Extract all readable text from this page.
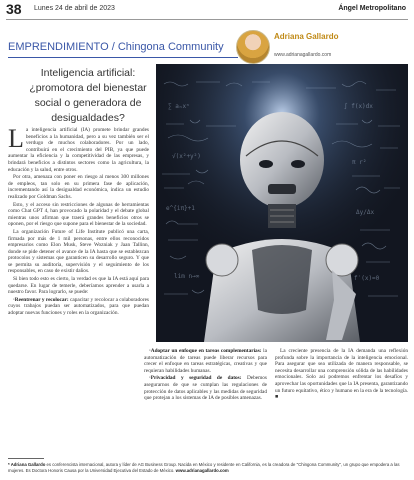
38 Lunes 24 de abril de 2023	Ángel Metropolitano
EMPRENDIMIENTO / Chingona Community
Adriana Gallardo
www.adrianagallardo.com
Inteligencia artificial: ¿promotora del bienestar social o generadora de desigualdades?
∑ aₙxⁿ	∫ f(x)dx
√(x²+y²)
π r²
e^{iπ}+1
Δy/Δx
lim n→∞	f′(x)=0
L a inteligencia artificial (IA) promete brindar grandes beneficios a la humanidad, pero a su vez también ser el verdugo de muchos colaboradores. Por un lado, contribuirá en el crecimiento del PIB, ya que puede aumentar la eficiencia y la competitividad de las empresas, y brindará beneficios a distintos sectores como la agricultura, la educación y la salud, entre otros.

Por otra, amenaza con poner en riesgo al menos 300 millones de empleos, tan solo en su primera fase de aplicación, incrementando así la desigualdad económica, indica un estudio realizado por Goldman Sachs.

Esto, y el acceso sin restricciones de algunas de herramientas como Chat GPT 4, han provocado la polaridad y el debate global mientras unos afirman que traerá grandes beneficios otros se oponen, por el riesgo que supone para el bienestar de la sociedad.

La organización Future of Life Institute publicó una carta, firmada por más de 1 mil personas, entre ellos reconocidos empresarios como Elon Musk, Steve Wozniak y Jaan Tallinn, donde se pide detener el avance de la IA hasta que se establezcan protocolos y sistemas que garanticen su desarrollo seguro. Y que se permita su auditoría, supervisión y el seguimiento de los responsables, en caso de existir daños.

Si bien todo esto es cierto, la verdad es que la IA está aquí para quedarse. En lugar de temerle, deberíamos aprender a usarla a nuestro favor. Para lograrlo, se puede:

·Reentrenar y recolocar: capacitar y recolocar a colaboradores cuyos trabajos puedan ser automatizados, para que puedan adoptar nuevas funciones y roles en la organización.

·Adoptar un enfoque en tareas complementarias: la automatización de tareas puede liberar recursos para crecer el enfoque en tareas estratégicas, creativas y que requieran habilidades humanas.

·Privacidad y seguridad de datos: Debemos asegurarnos de que se cumplan las regulaciones de protección de datos aplicables y las medidas de seguridad que protejan a los sistemas de IA de posibles amenazas.

La creciente presencia de la IA demanda una reflexión profunda sobre la importancia de la inteligencia emocional. Para asegurar que sea utilizada de manera responsable, se necesita desarrollar una comprensión sólida de las habilidades emocionales. Solo así podremos enfrentar los desafíos y aprovechar las oportunidades que la IA presenta, garantizando un futuro equitativo, ético y humano en la era de la tecnología. ■

* Adriana Gallardo es conferencista internacional, autora y líder de AG Business Group. Nacida en México y residente en California, es la creadora de "Chingona Community", un grupo que empodera a las mujeres. Es Doctora Honoris Causa por la Universidad Ejecutiva del Estado de México. www.adrianagallardo.com
